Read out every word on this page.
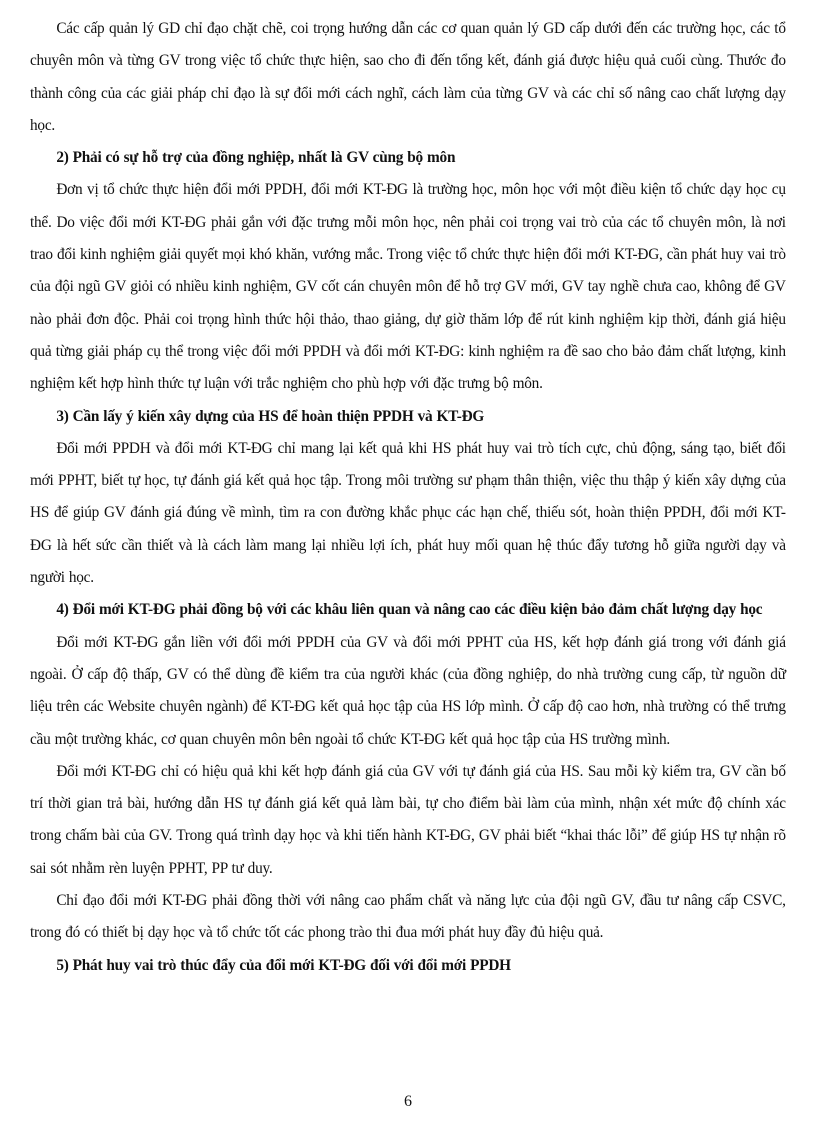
Các cấp quản lý GD chỉ đạo chặt chẽ, coi trọng hướng dẫn các cơ quan quản lý GD cấp dưới đến các trường học, các tổ chuyên môn và từng GV trong việc tổ chức thực hiện, sao cho đi đến tổng kết, đánh giá được hiệu quả cuối cùng. Thước đo thành công của các giải pháp chỉ đạo là sự đổi mới cách nghĩ, cách làm của từng GV và các chỉ số nâng cao chất lượng dạy học.

2) Phải có sự hỗ trợ của đồng nghiệp, nhất là GV cùng bộ môn

Đơn vị tổ chức thực hiện đổi mới PPDH, đổi mới KT-ĐG là trường học, môn học với một điều kiện tổ chức dạy học cụ thể. Do việc đổi mới KT-ĐG phải gắn với đặc trưng mỗi môn học, nên phải coi trọng vai trò của các tổ chuyên môn, là nơi trao đổi kinh nghiệm giải quyết mọi khó khăn, vướng mắc. Trong việc tổ chức thực hiện đổi mới KT-ĐG, cần phát huy vai trò của đội ngũ GV giỏi có nhiều kinh nghiệm, GV cốt cán chuyên môn để hỗ trợ GV mới, GV tay nghề chưa cao, không để GV nào phải đơn độc. Phải coi trọng hình thức hội thảo, thao giảng, dự giờ thăm lớp để rút kinh nghiệm kịp thời, đánh giá hiệu quả từng giải pháp cụ thể trong việc đổi mới PPDH và đổi mới KT-ĐG: kinh nghiệm ra đề sao cho bảo đảm chất lượng, kinh nghiệm kết hợp hình thức tự luận với trắc nghiệm cho phù hợp với đặc trưng bộ môn.

3) Cần lấy ý kiến xây dựng của HS để hoàn thiện PPDH và KT-ĐG

Đổi mới PPDH và đổi mới KT-ĐG chỉ mang lại kết quả khi HS phát huy vai trò tích cực, chủ động, sáng tạo, biết đổi mới PPHT, biết tự học, tự đánh giá kết quả học tập. Trong môi trường sư phạm thân thiện, việc thu thập ý kiến xây dựng của HS để giúp GV đánh giá đúng về mình, tìm ra con đường khắc phục các hạn chế, thiếu sót, hoàn thiện PPDH, đổi mới KT-ĐG là hết sức cần thiết và là cách làm mang lại nhiều lợi ích, phát huy mối quan hệ thúc đẩy tương hỗ giữa người dạy và người học.

4) Đổi mới KT-ĐG phải đồng bộ với các khâu liên quan và nâng cao các điều kiện bảo đảm chất lượng dạy học

Đổi mới KT-ĐG gắn liền với đổi mới PPDH của GV và đổi mới PPHT của HS, kết hợp đánh giá trong với đánh giá ngoài. Ở cấp độ thấp, GV có thể dùng đề kiểm tra của người khác (của đồng nghiệp, do nhà trường cung cấp, từ nguồn dữ liệu trên các Website chuyên ngành) để KT-ĐG kết quả học tập của HS lớp mình. Ở cấp độ cao hơn, nhà trường có thể trưng cầu một trường khác, cơ quan chuyên môn bên ngoài tổ chức KT-ĐG kết quả học tập của HS trường mình.

Đổi mới KT-ĐG chỉ có hiệu quả khi kết hợp đánh giá của GV với tự đánh giá của HS. Sau mỗi kỳ kiểm tra, GV cần bố trí thời gian trả bài, hướng dẫn HS tự đánh giá kết quả làm bài, tự cho điểm bài làm của mình, nhận xét mức độ chính xác trong chấm bài của GV. Trong quá trình dạy học và khi tiến hành KT-ĐG, GV phải biết “khai thác lỗi” để giúp HS tự nhận rõ sai sót nhằm rèn luyện PPHT, PP tư duy.

Chỉ đạo đổi mới KT-ĐG phải đồng thời với nâng cao phẩm chất và năng lực của đội ngũ GV, đầu tư nâng cấp CSVC, trong đó có thiết bị dạy học và tổ chức tốt các phong trào thi đua mới phát huy đầy đủ hiệu quả.

5) Phát huy vai trò thúc đẩy của đổi mới KT-ĐG đối với đổi mới PPDH

6
